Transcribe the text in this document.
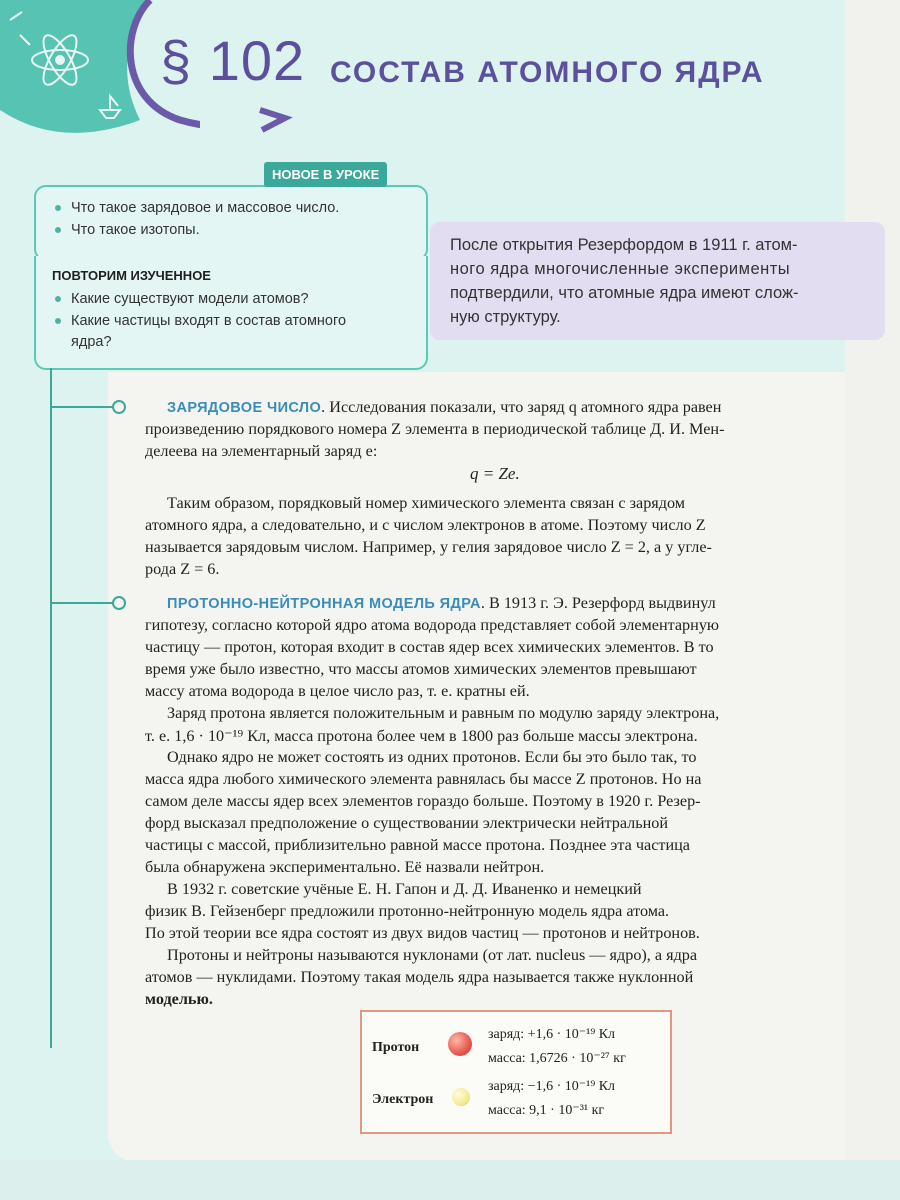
§ 102 СОСТАВ АТОМНОГО ЯДРА
НОВОЕ В УРОКЕ
Что такое зарядовое и массовое число.
Что такое изотопы.
ПОВТОРИМ ИЗУЧЕННОЕ
Какие существуют модели атомов?
Какие частицы входят в состав атомного
ядра?
После открытия Резерфордом в 1911 г. атом-
ного ядра многочисленные эксперименты
подтвердили, что атомные ядра имеют слож-
ную структуру.
ЗАРЯДОВОЕ ЧИСЛО. Исследования показали, что заряд q атомного ядра равен
произведению порядкового номера Z элемента в периодической таблице Д. И. Мен-
делеева на элементарный заряд e:
q = Ze.
Таким образом, порядковый номер химического элемента связан с зарядом
атомного ядра, а следовательно, и с числом электронов в атоме. Поэтому число Z
называется зарядовым числом. Например, у гелия зарядовое число Z = 2, а у угле-
рода Z = 6.
ПРОТОННО-НЕЙТРОННАЯ МОДЕЛЬ ЯДРА. В 1913 г. Э. Резерфорд выдвинул
гипотезу, согласно которой ядро атома водорода представляет собой элементарную
частицу — протон, которая входит в состав ядер всех химических элементов. В то
время уже было известно, что массы атомов химических элементов превышают
массу атома водорода в целое число раз, т. е. кратны ей.
Заряд протона является положительным и равным по модулю заряду электрона,
т. е. 1,6 · 10⁻¹⁹ Кл, масса протона более чем в 1800 раз больше массы электрона.
Однако ядро не может состоять из одних протонов. Если бы это было так, то
масса ядра любого химического элемента равнялась бы массе Z протонов. Но на
самом деле массы ядер всех элементов гораздо больше. Поэтому в 1920 г. Резер-
форд высказал предположение о существовании электрически нейтральной
частицы с массой, приблизительно равной массе протона. Позднее эта частица
была обнаружена экспериментально. Её назвали нейтрон.
В 1932 г. советские учёные Е. Н. Гапон и Д. Д. Иваненко и немецкий
физик В. Гейзенберг предложили протонно-нейтронную модель ядра атома.
По этой теории все ядра состоят из двух видов частиц — протонов и нейтронов.
Протоны и нейтроны называются нуклонами (от лат. nucleus — ядро), а ядра
атомов — нуклидами. Поэтому такая модель ядра называется также нуклонной
моделью.
Протон
заряд: +1,6 · 10⁻¹⁹ Кл
масса: 1,6726 · 10⁻²⁷ кг
Электрон
заряд: −1,6 · 10⁻¹⁹ Кл
масса: 9,1 · 10⁻³¹ кг
